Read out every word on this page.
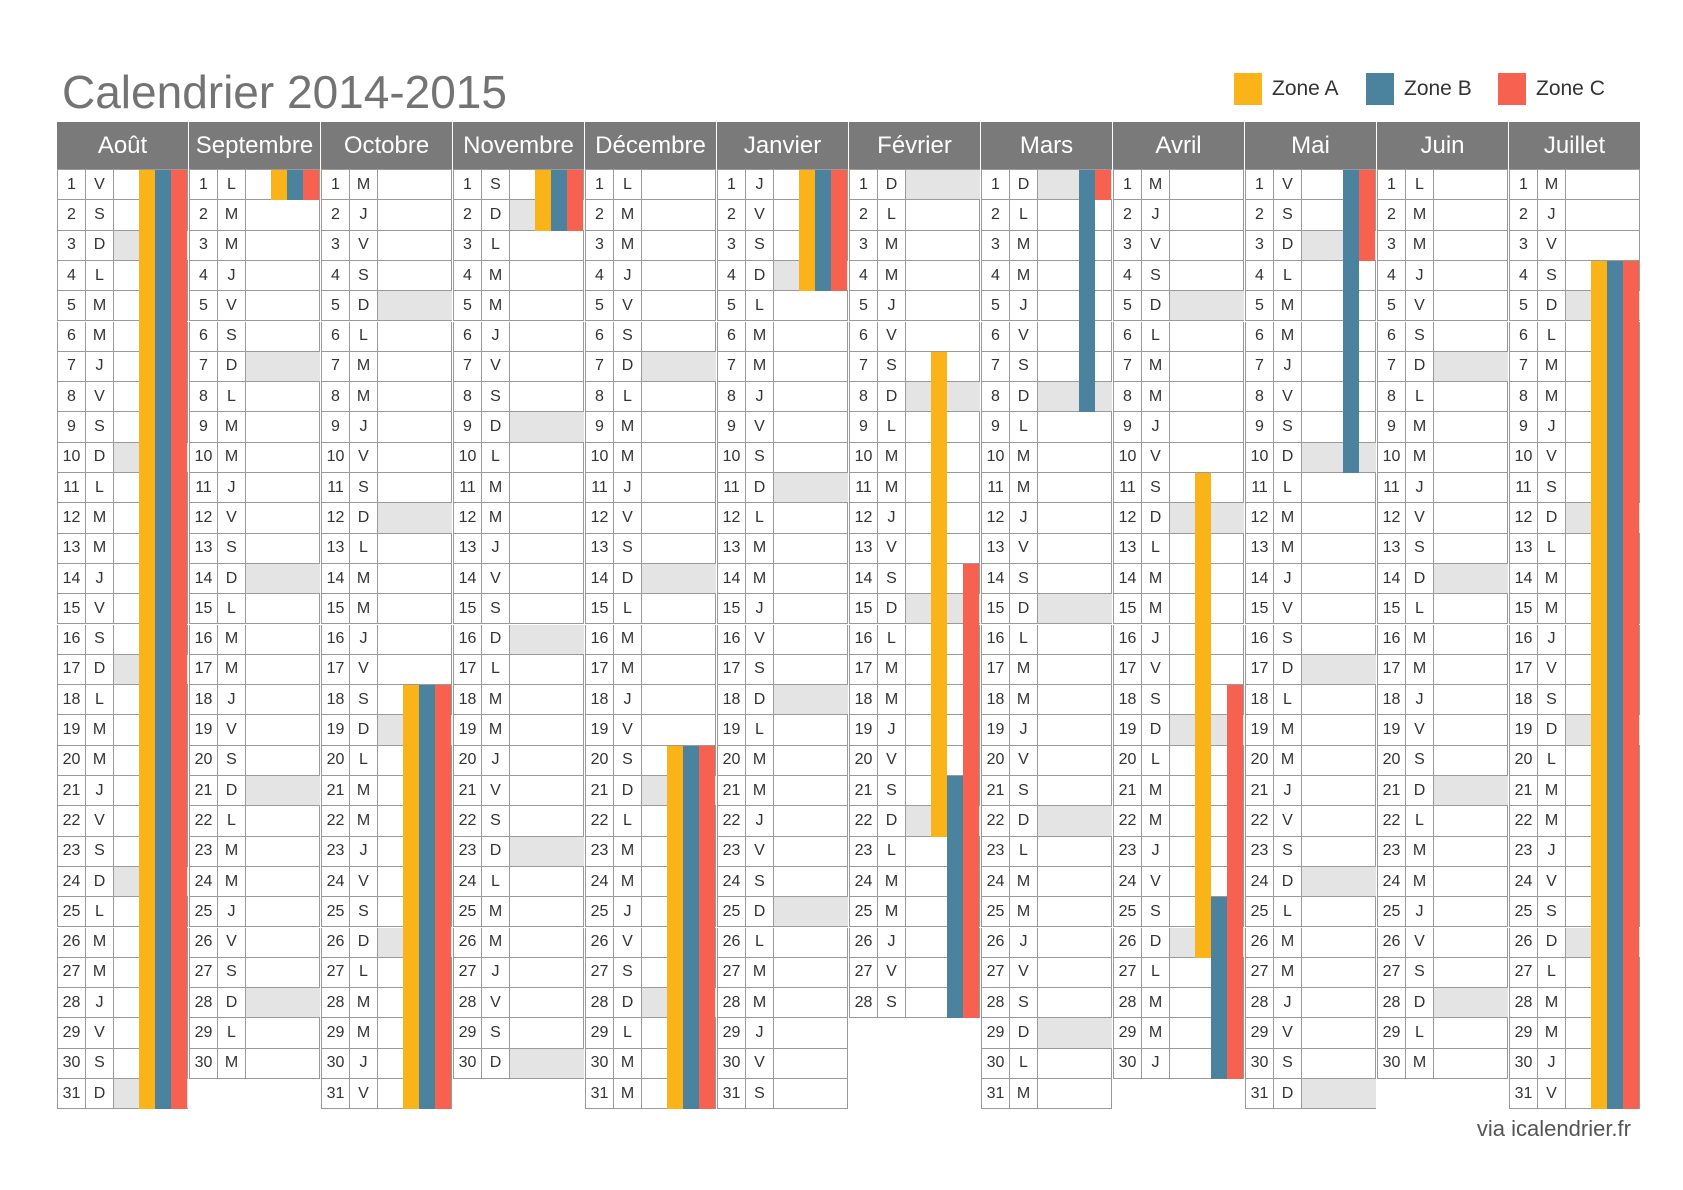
Calendrier 2014-2015	Zone A	Zone B	Zone C
Août
1	V
2	S
3	D
4	L
5	M
6	M
7	J
8	V
9	S
10 D
11 L
12 M
13 M
14 J
15 V
16 S
17 D
18 L
19 M
20 M
21 J
22 V
23 S
24 D
25 L
26 M
27 M
28 J
29 V
30 S
31 D
Septembre
1	L
2	M
3	M
4	J
5	V
6	S
7	D
8	L
9	M
10 M
11 J
12 V
13 S
14 D
15 L
16 M
17 M
18 J
19 V
20 S
21 D
22 L
23 M
24 M
25 J
26 V
27 S
28 D
29 L
30 M
Octobre
1	M
2	J
3	V
4	S
5	D
6	L
7	M
8	M
9	J
10 V
11 S
12 D
13 L
14 M
15 M
16 J
17 V
18 S
19 D
20 L
21 M
22 M
23 J
24 V
25 S
26 D
27 L
28 M
29 M
30 J
31 V
Novembre
1	S
2	D
3	L
4	M
5	M
6	J
7	V
8	S
9	D
10 L
11 M
12 M
13 J
14 V
15 S
16 D
17 L
18 M
19 M
20 J
21 V
22 S
23 D
24 L
25 M
26 M
27 J
28 V
29 S
30 D
Décembre
1	L
2	M
3	M
4	J
5	V
6	S
7	D
8	L
9	M
10 M
11 J
12 V
13 S
14 D
15 L
16 M
17 M
18 J
19 V
20 S
21 D
22 L
23 M
24 M
25 J
26 V
27 S
28 D
29 L
30 M
31 M
Janvier
1	J
2	V
3	S
4	D
5	L
6	M
7	M
8	J
9	V
10 S
11 D
12 L
13 M
14 M
15 J
16 V
17 S
18 D
19 L
20 M
21 M
22 J
23 V
24 S
25 D
26 L
27 M
28 M
29 J
30 V
31 S
Février
1	D
2	L
3	M
4	M
5	J
6	V
7	S
8	D
9	L
10 M
11 M
12 J
13 V
14 S
15 D
16 L
17 M
18 M
19 J
20 V
21 S
22 D
23 L
24 M
25 M
26 J
27 V
28 S
Mars
1	D
2	L
3	M
4	M
5	J
6	V
7	S
8	D
9	L
10 M
11 M
12 J
13 V
14 S
15 D
16 L
17 M
18 M
19 J
20 V
21 S
22 D
23 L
24 M
25 M
26 J
27 V
28 S
29 D
30 L
31 M
Avril
1	M
2	J
3	V
4	S
5	D
6	L
7	M
8	M
9	J
10 V
11 S
12 D
13 L
14 M
15 M
16 J
17 V
18 S
19 D
20 L
21 M
22 M
23 J
24 V
25 S
26 D
27 L
28 M
29 M
30 J
Mai
1	V
2	S
3	D
4	L
5	M
6	M
7	J
8	V
9	S
10 D
11 L
12 M
13 M
14 J
15 V
16 S
17 D
18 L
19 M
20 M
21 J
22 V
23 S
24 D
25 L
26 M
27 M
28 J
29 V
30 S
31 D
Juin
1	L
2	M
3	M
4	J
5	V
6	S
7	D
8	L
9	M
10 M
11 J
12 V
13 S
14 D
15 L
16 M
17 M
18 J
19 V
20 S
21 D
22 L
23 M
24 M
25 J
26 V
27 S
28 D
29 L
30 M
Juillet
1	M
2	J
3	V
4	S
5	D
6	L
7	M
8	M
9	J
10 V
11 S
12 D
13 L
14 M
15 M
16 J
17 V
18 S
19 D
20 L
21 M
22 M
23 J
24 V
25 S
26 D
27 L
28 M
29 M
30 J
31 V
via icalendrier.fr
